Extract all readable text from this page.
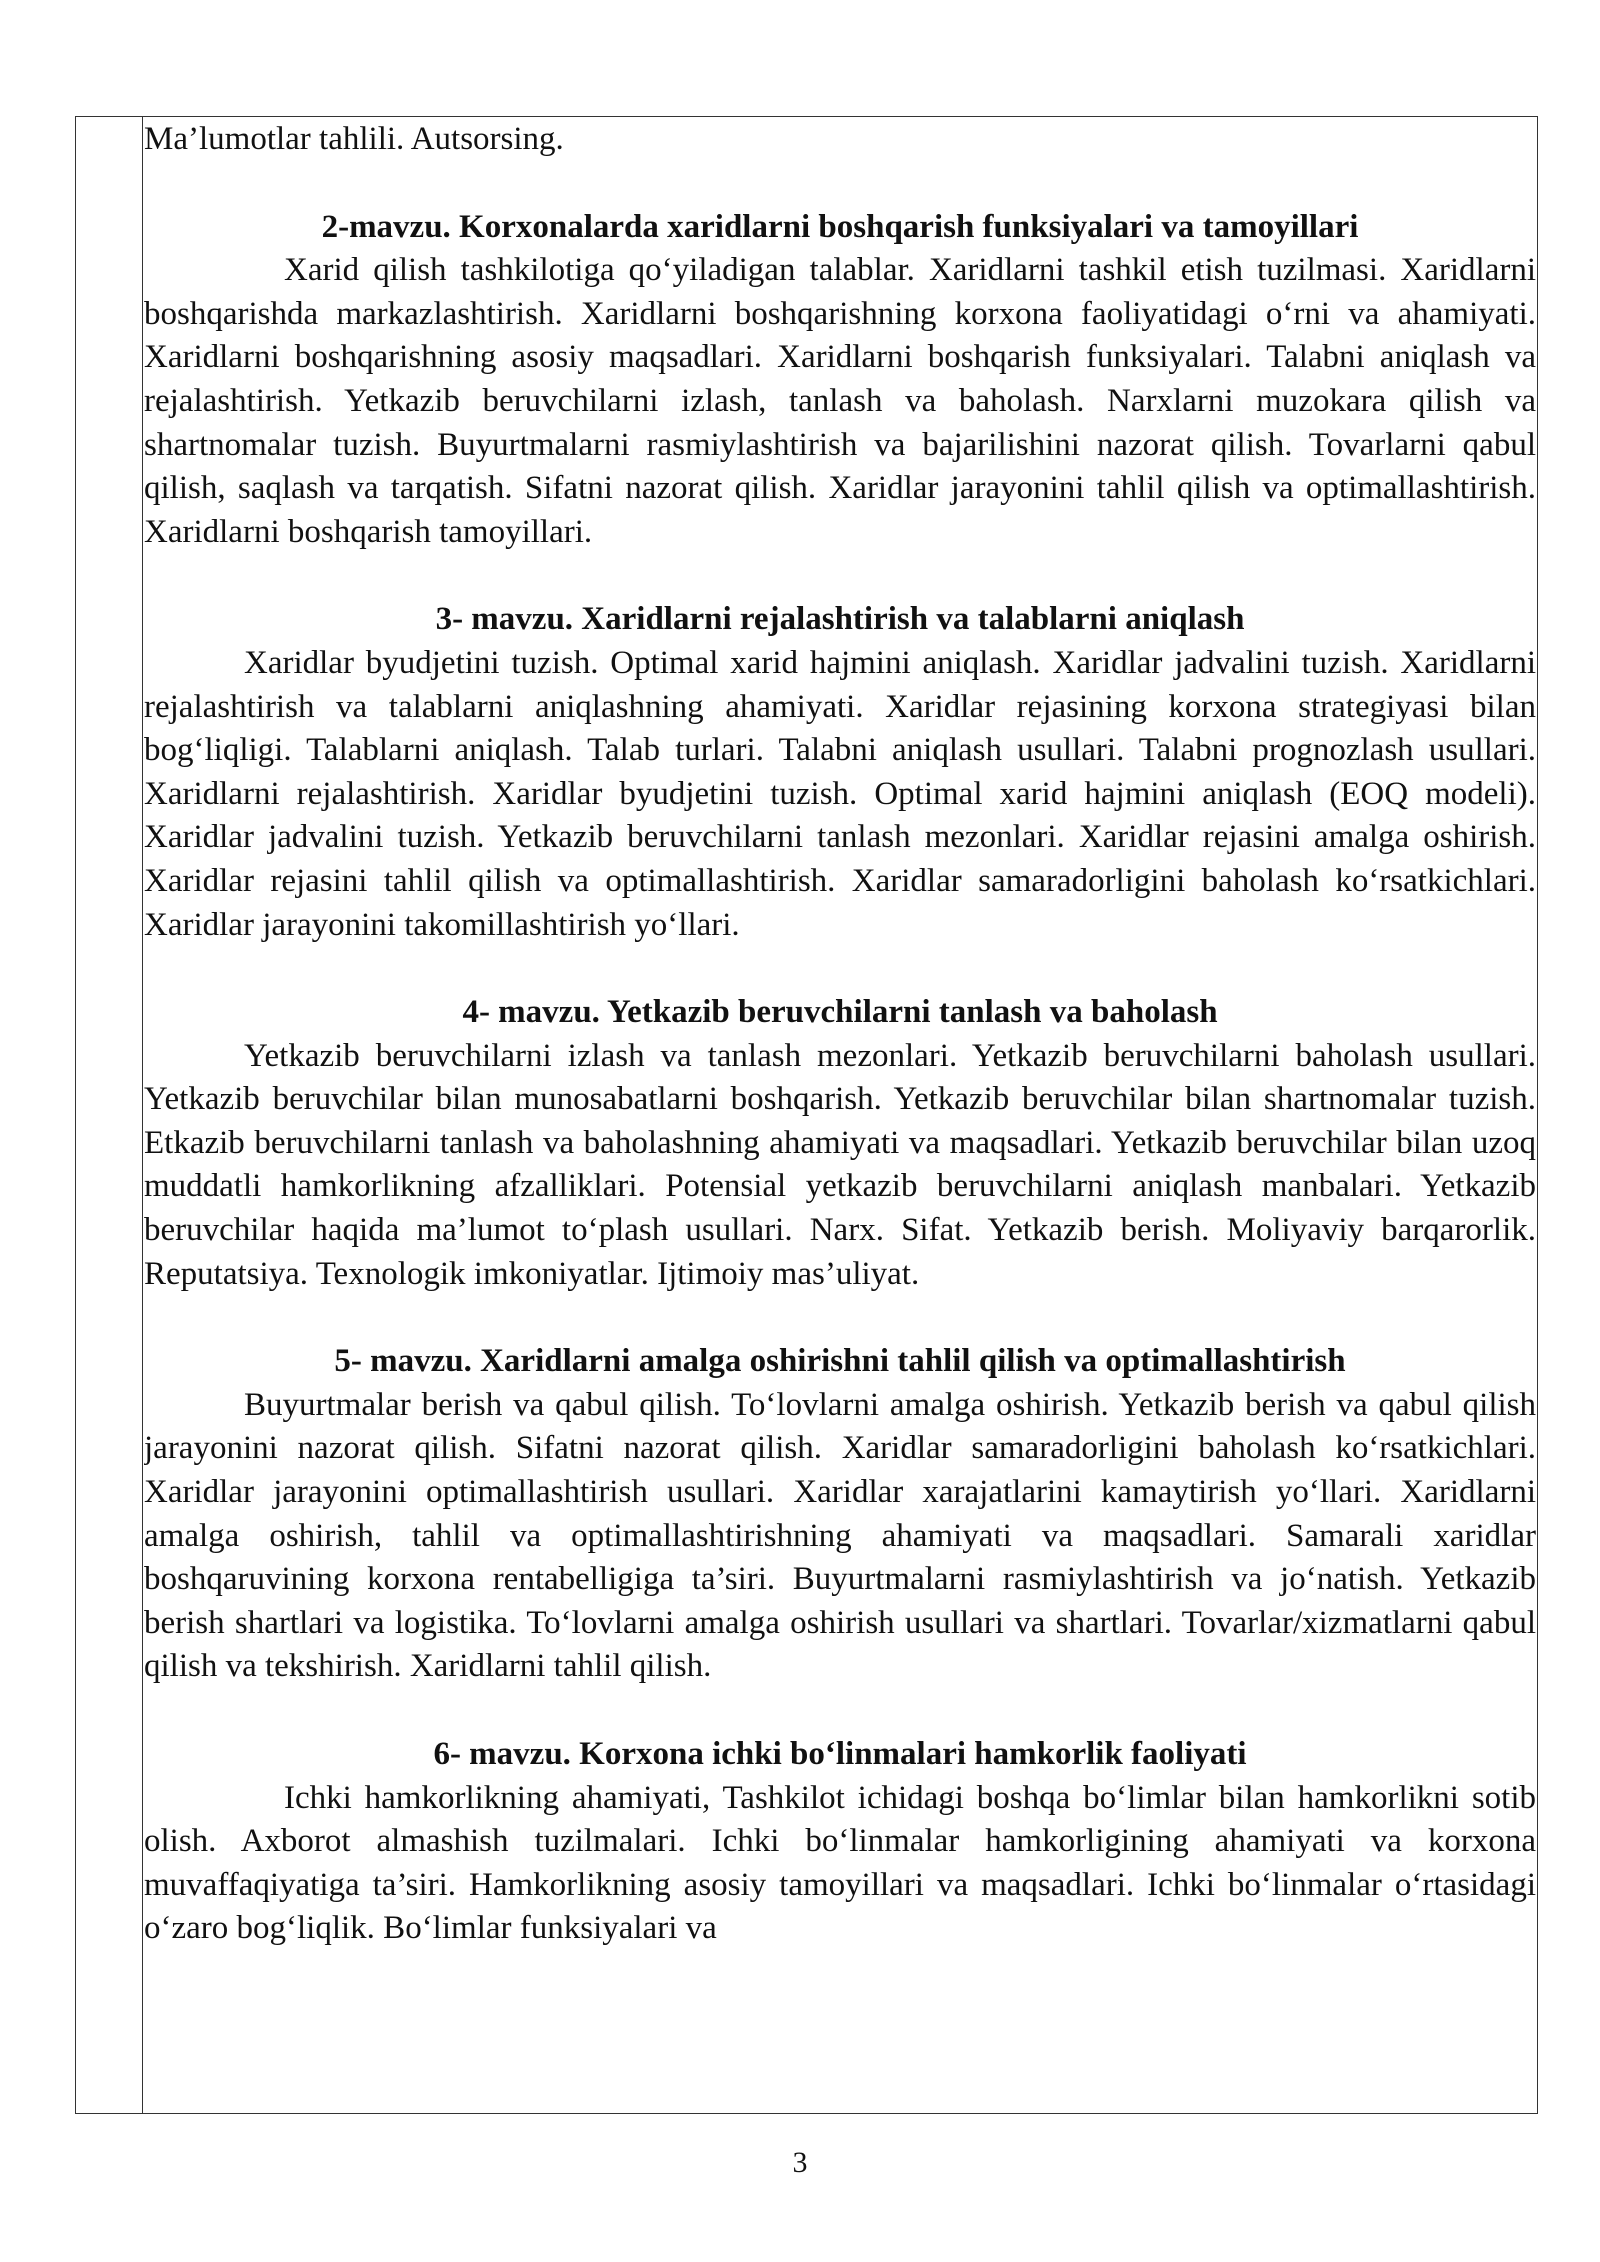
Ma’lumotlar tahlili. Autsorsing.

2-mavzu. Korxonalarda xaridlarni boshqarish funksiyalari va tamoyillari

Xarid qilish tashkilotiga qo‘yiladigan talablar. Xaridlarni tashkil etish tuzilmasi. Xaridlarni boshqarishda markazlashtirish. Xaridlarni boshqarishning korxona faoliyatidagi o‘rni va ahamiyati. Xaridlarni boshqarishning asosiy maqsadlari. Xaridlarni boshqarish funksiyalari. Talabni aniqlash va rejalashtirish. Yetkazib beruvchilarni izlash, tanlash va baholash. Narxlarni muzokara qilish va shartnomalar tuzish. Buyurtmalarni rasmiylashtirish va bajarilishini nazorat qilish. Tovarlarni qabul qilish, saqlash va tarqatish. Sifatni nazorat qilish. Xaridlar jarayonini tahlil qilish va optimallashtirish. Xaridlarni boshqarish tamoyillari.

3- mavzu. Xaridlarni rejalashtirish va talablarni aniqlash

Xaridlar byudjetini tuzish. Optimal xarid hajmini aniqlash. Xaridlar jadvalini tuzish. Xaridlarni rejalashtirish va talablarni aniqlashning ahamiyati. Xaridlar rejasining korxona strategiyasi bilan bog‘liqligi. Talablarni aniqlash. Talab turlari. Talabni aniqlash usullari. Talabni prognozlash usullari. Xaridlarni rejalashtirish. Xaridlar byudjetini tuzish. Optimal xarid hajmini aniqlash (EOQ modeli). Xaridlar jadvalini tuzish. Yetkazib beruvchilarni tanlash mezonlari. Xaridlar rejasini amalga oshirish. Xaridlar rejasini tahlil qilish va optimallashtirish. Xaridlar samaradorligini baholash ko‘rsatkichlari. Xaridlar jarayonini takomillashtirish yo‘llari.

4- mavzu. Yetkazib beruvchilarni tanlash va baholash

Yetkazib beruvchilarni izlash va tanlash mezonlari. Yetkazib beruvchilarni baholash usullari. Yetkazib beruvchilar bilan munosabatlarni boshqarish. Yetkazib beruvchilar bilan shartnomalar tuzish. Etkazib beruvchilarni tanlash va baholashning ahamiyati va maqsadlari. Yetkazib beruvchilar bilan uzoq muddatli hamkorlikning afzalliklari. Potensial yetkazib beruvchilarni aniqlash manbalari. Yetkazib beruvchilar haqida ma’lumot to‘plash usullari. Narx. Sifat. Yetkazib berish. Moliyaviy barqarorlik. Reputatsiya. Texnologik imkoniyatlar. Ijtimoiy mas’uliyat.

5- mavzu. Xaridlarni amalga oshirishni tahlil qilish va optimallashtirish

Buyurtmalar berish va qabul qilish. To‘lovlarni amalga oshirish. Yetkazib berish va qabul qilish jarayonini nazorat qilish. Sifatni nazorat qilish. Xaridlar samaradorligini baholash ko‘rsatkichlari. Xaridlar jarayonini optimallashtirish usullari. Xaridlar xarajatlarini kamaytirish yo‘llari. Xaridlarni amalga oshirish, tahlil va optimallashtirishning ahamiyati va maqsadlari. Samarali xaridlar boshqaruvining korxona rentabelligiga ta’siri. Buyurtmalarni rasmiylashtirish va jo‘natish. Yetkazib berish shartlari va logistika. To‘lovlarni amalga oshirish usullari va shartlari. Tovarlar/xizmatlarni qabul qilish va tekshirish. Xaridlarni tahlil qilish.

6- mavzu. Korxona ichki bo‘linmalari hamkorlik faoliyati

Ichki hamkorlikning ahamiyati, Tashkilot ichidagi boshqa bo‘limlar bilan hamkorlikni sotib olish. Axborot almashish tuzilmalari. Ichki bo‘linmalar hamkorligining ahamiyati va korxona muvaffaqiyatiga ta’siri. Hamkorlikning asosiy tamoyillari va maqsadlari. Ichki bo‘linmalar o‘rtasidagi o‘zaro bog‘liqlik. Bo‘limlar funksiyalari va

3
